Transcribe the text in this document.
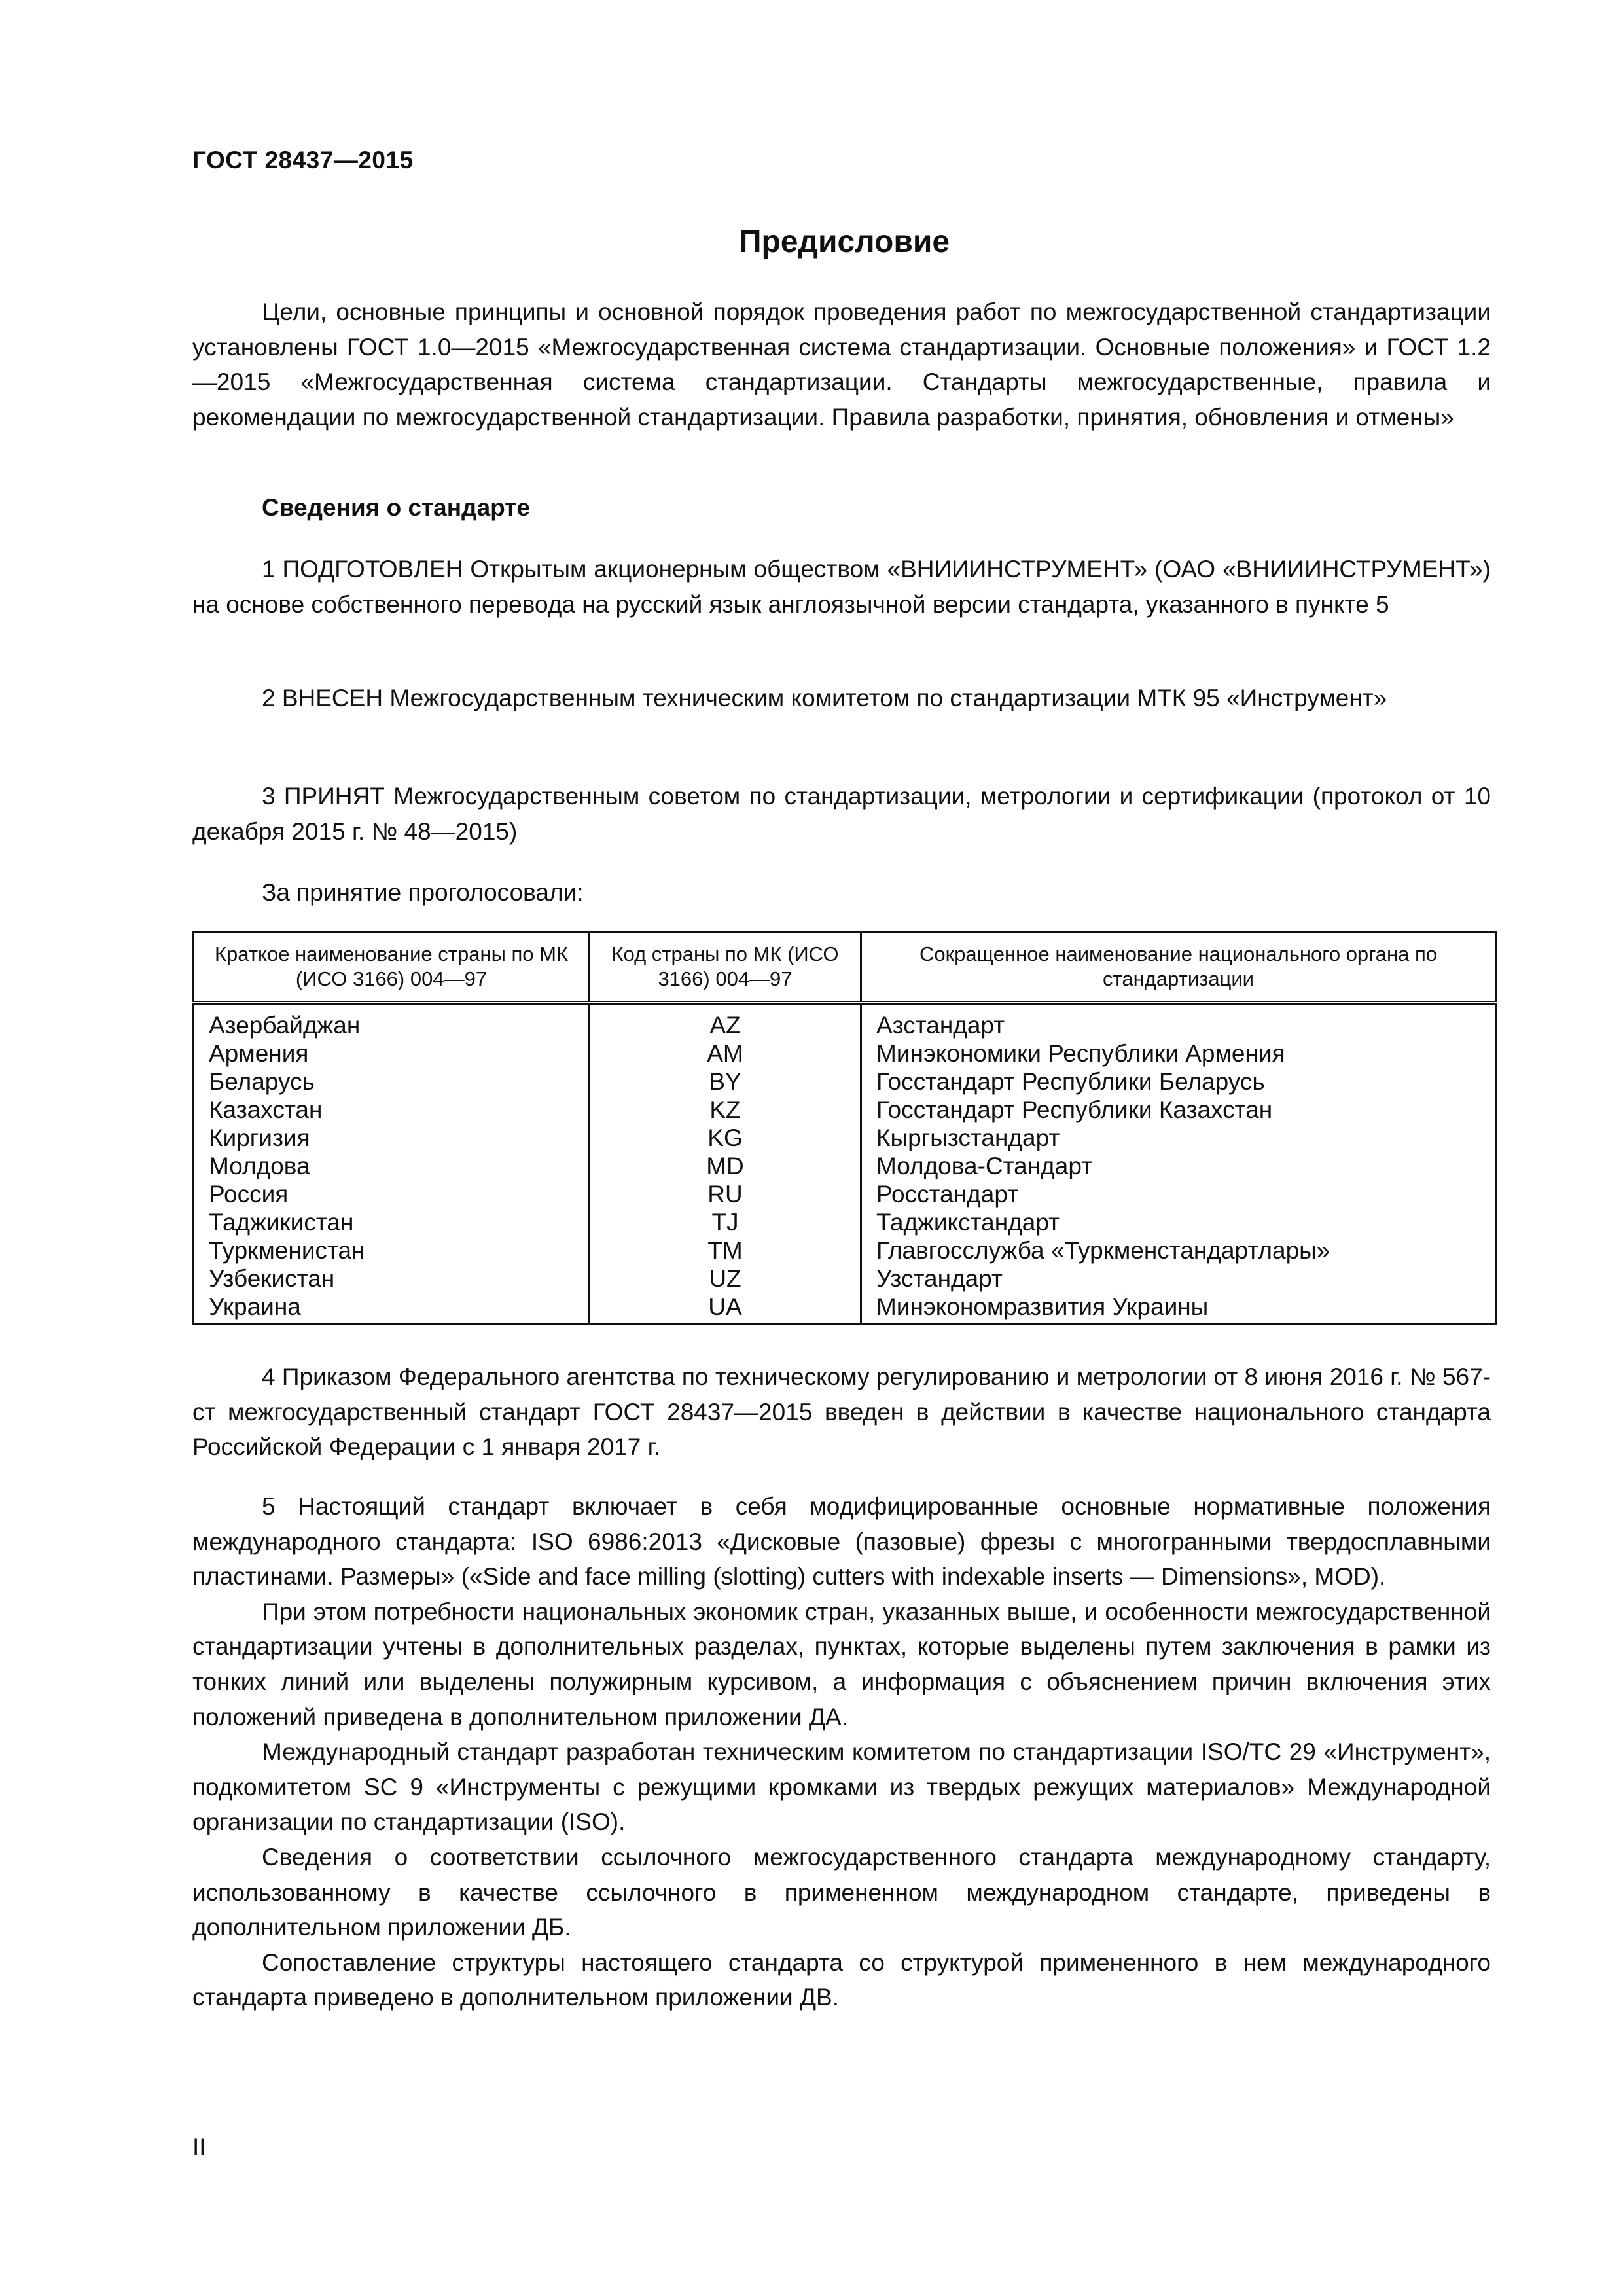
ГОСТ 28437—2015
Предисловие

Цели, основные принципы и основной порядок проведения работ по межгосударственной стандартизации установлены ГОСТ 1.0—2015 «Межгосударственная система стандартизации. Основные положения» и ГОСТ 1.2—2015 «Межгосударственная система стандартизации. Стандарты межгосударственные, правила и рекомендации по межгосударственной стандартизации. Правила разработки, принятия, обновления и отмены»

Сведения о стандарте

1 ПОДГОТОВЛЕН Открытым акционерным обществом «ВНИИИНСТРУМЕНТ» (ОАО «ВНИИИНСТРУМЕНТ») на основе собственного перевода на русский язык англоязычной версии стандарта, указанного в пункте 5

2 ВНЕСЕН Межгосударственным техническим комитетом по стандартизации МТК 95 «Инструмент»

3 ПРИНЯТ Межгосударственным советом по стандартизации, метрологии и сертификации (протокол от 10 декабря 2015 г. № 48—2015)

За принятие проголосовали:
Краткое наименование страны по МК (ИСО 3166) 004—97	Код страны по МК (ИСО 3166) 004—97	Сокращенное наименование национального органа по стандартизации
Азербайджан	AZ	Азстандарт
Армения	AM	Минэкономики Республики Армения
Беларусь	BY	Госстандарт Республики Беларусь
Казахстан	KZ	Госстандарт Республики Казахстан
Киргизия	KG	Кыргызстандарт
Молдова	MD	Молдова-Стандарт
Россия	RU	Росстандарт
Таджикистан	TJ	Таджикстандарт
Туркменистан	TM	Главгосслужба «Туркменстандартлары»
Узбекистан	UZ	Узстандарт
Украина	UA	Минэкономразвития Украины

4 Приказом Федерального агентства по техническому регулированию и метрологии от 8 июня 2016 г. № 567-ст межгосударственный стандарт ГОСТ 28437—2015 введен в действии в качестве национального стандарта Российской Федерации с 1 января 2017 г.

5 Настоящий стандарт включает в себя модифицированные основные нормативные положения международного стандарта: ISO 6986:2013 «Дисковые (пазовые) фрезы с многогранными твердосплавными пластинами. Размеры» («Side and face milling (slotting) cutters with indexable inserts — Dimensions», MOD).

При этом потребности национальных экономик стран, указанных выше, и особенности межгосударственной стандартизации учтены в дополнительных разделах, пунктах, которые выделены путем заключения в рамки из тонких линий или выделены полужирным курсивом, а информация с объяснением причин включения этих положений приведена в дополнительном приложении ДА.

Международный стандарт разработан техническим комитетом по стандартизации ISO/TC 29 «Инструмент», подкомитетом SC 9 «Инструменты с режущими кромками из твердых режущих материалов» Международной организации по стандартизации (ISO).

Сведения о соответствии ссылочного межгосударственного стандарта международному стандарту, использованному в качестве ссылочного в примененном международном стандарте, приведены в дополнительном приложении ДБ.

Сопоставление структуры настоящего стандарта со структурой примененного в нем международного стандарта приведено в дополнительном приложении ДВ.

II
